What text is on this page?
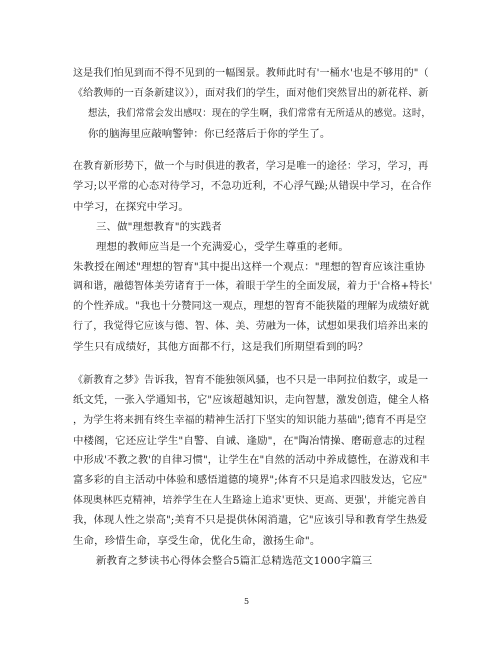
这是我们怕见到而不得不见到的一幅图景。教师此时有'一桶水'也是不够用的"（
《给教师的一百条新建议》），面对我们的学生，面对他们突然冒出的新花样、新
想法，我们常常会发出感叹：现在的学生啊，我们常常有无所适从的感觉。这时，
你的脑海里应敲响警钟：你已经落后于你的学生了。
在教育新形势下，做一个与时俱进的教者，学习是唯一的途径：学习，学习，再
学习;以平常的心态对待学习，不急功近利，不心浮气躁;从错误中学习，在合作
中学习，在探究中学习。
三、做"理想教育"的实践者
理想的教师应当是一个充满爱心，受学生尊重的老师。
朱教授在阐述"理想的智育"其中提出这样一个观点："理想的智育应该注重协
调和谐，融德智体美劳诸育于一体，着眼于学生的全面发展，着力于'合格+特长'
的个性养成。"我也十分赞同这一观点，理想的智育不能狭隘的理解为成绩好就
行了，我觉得它应该与德、智、体、美、劳融为一体，试想如果我们培养出来的
学生只有成绩好，其他方面都不行，这是我们所期望看到的吗？
《新教育之梦》告诉我，智育不能独领风骚，也不只是一串阿拉伯数字，或是一
纸文凭，一张入学通知书，它"应该超越知识，走向智慧，激发创造，健全人格
，为学生将来拥有终生幸福的精神生活打下坚实的知识能力基础";德育不再是空
中楼阁，它还应让学生"自警、自诫、逢励"，在"陶冶情操、磨砺意志的过程
中形成'不教之教'的自律习惯"，让学生在"自然的活动中养成德性，在游戏和丰
富多彩的自主活动中体验和感悟道德的境界";体育不只是追求四肢发达，它应"
体现奥林匹克精神，培养学生在人生路途上追求'更快、更高、更强'，并能完善自
我，体现人性之崇高";美育不只是提供休闲消遣，它"应该引导和教育学生热爱
生命，珍惜生命，享受生命，优化生命，激扬生命"。
新教育之梦读书心得体会整合5篇汇总精选范文1000字篇三
5
